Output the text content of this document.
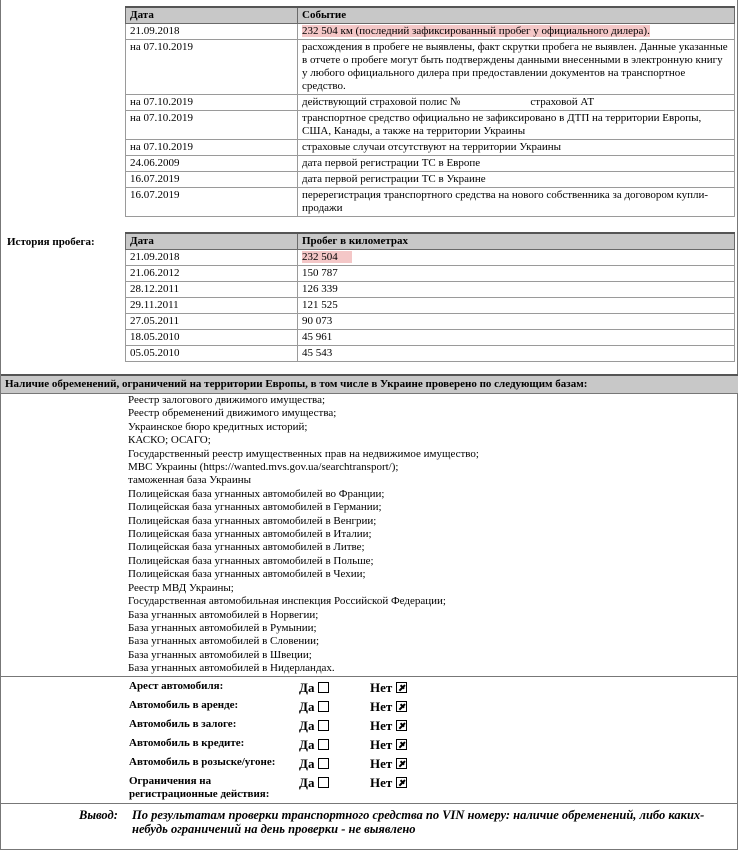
Дата	Событие
21.09.2018	232 504 км (последний зафиксированный пробег у официального дилера).
на 07.10.2019	расхождения в пробеге не выявлены, факт скрутки пробега не выявлен. Данные указанные в отчете о пробеге могут быть подтверждены данными внесенными в электронную книгу у любого официального дилера при предоставлении документов на транспортное средство.
на 07.10.2019	действующий страховой полис № страховой АТ
на 07.10.2019	транспортное средство официально не зафиксировано в ДТП на территории Европы, США, Канады, а также на территории Украины
на 07.10.2019	страховые случаи отсутствуют на территории Украины
24.06.2009	дата первой регистрации ТС в Европе
16.07.2019	дата первой регистрации ТС в Украине
16.07.2019	перерегистрация транспортного средства на нового собственника за договором купли-продажи
История пробега:	Дата	Пробег в километрах
21.09.2018	232 504
21.06.2012	150 787
28.12.2011	126 339
29.11.2011	121 525
27.05.2011	90 073
18.05.2010	45 961
05.05.2010	45 543
Наличие обременений, ограничений на территории Европы, в том числе в Украине проверено по следующим базам:
Реестр залогового движимого имущества;
Реестр обременений движимого имущества;
Украинское бюро кредитных историй;
КАСКО; ОСАГО;
Государственный реестр имущественных прав на недвижимое имущество;
МВС Украины (https://wanted.mvs.gov.ua/searchtransport/);
таможенная база Украины
Полицейская база угнанных автомобилей во Франции;
Полицейская база угнанных автомобилей в Германии;
Полицейская база угнанных автомобилей в Венгрии;
Полицейская база угнанных автомобилей в Италии;
Полицейская база угнанных автомобилей в Литве;
Полицейская база угнанных автомобилей в Польше;
Полицейская база угнанных автомобилей в Чехии;
Реестр МВД Украины;
Государственная автомобильная инспекция Российской Федерации;
База угнанных автомобилей в Норвегии;
База угнанных автомобилей в Румынии;
База угнанных автомобилей в Словении;
База угнанных автомобилей в Швеции;
База угнанных автомобилей в Нидерландах.
Арест автомобиля:	Да	Нет
Автомобиль в аренде:	Да	Нет
Автомобиль в залоге:	Да	Нет
Автомобиль в кредите:	Да	Нет
Автомобиль в розыске/угоне:	Да	Нет
Ограничения на регистрационные действия:
Да	Нет
Вывод: По результатам проверки транспортного средства по VIN номеру: наличие обременений, либо каких-небудь ограничений на день проверки - не выявлено
